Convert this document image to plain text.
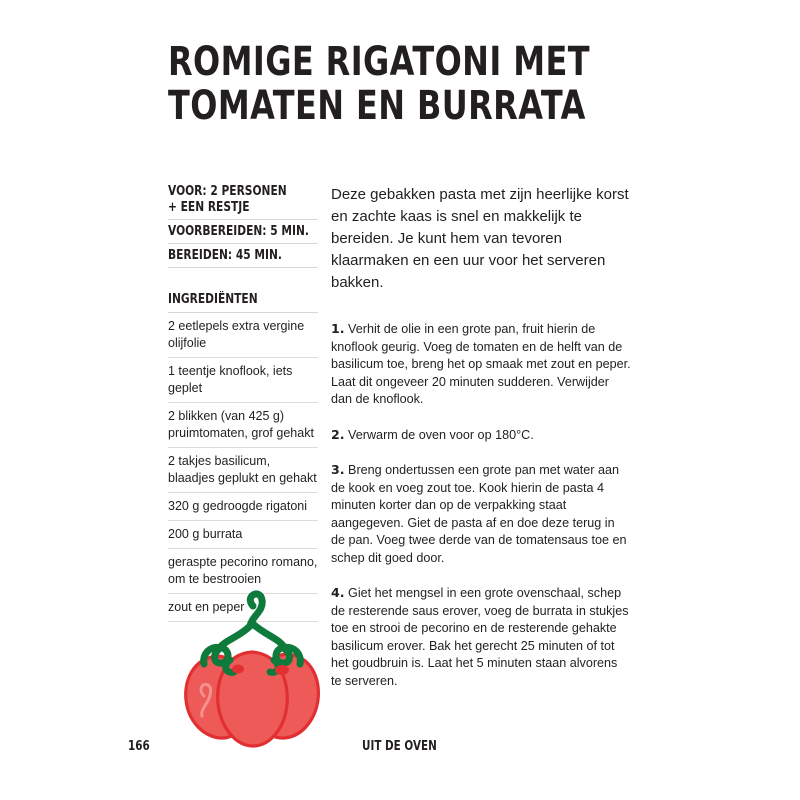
ROMIGE RIGATONI MET
TOMATEN EN BURRATA
VOOR: 2 PERSONEN
+ EEN RESTJE
VOORBEREIDEN: 5 MIN.
BEREIDEN: 45 MIN.
INGREDIËNTEN
2 eetlepels extra vergine olijfolie
1 teentje knoflook, iets geplet
2 blikken (van 425 g) pruimtomaten, grof gehakt
2 takjes basilicum, blaadjes geplukt en gehakt
320 g gedroogde rigatoni
200 g burrata
geraspte pecorino romano, om te bestrooien
zout en peper

Deze gebakken pasta met zijn heerlijke korst en zachte kaas is snel en makkelijk te bereiden. Je kunt hem van tevoren klaarmaken en een uur voor het serveren bakken.

1. Verhit de olie in een grote pan, fruit hierin de knoflook geurig. Voeg de tomaten en de helft van de basilicum toe, breng het op smaak met zout en peper. Laat dit ongeveer 20 minuten sudderen. Verwijder dan de knoflook.

2. Verwarm de oven voor op 180°C.

3. Breng ondertussen een grote pan met water aan de kook en voeg zout toe. Kook hierin de pasta 4 minuten korter dan op de verpakking staat aangegeven. Giet de pasta af en doe deze terug in de pan. Voeg twee derde van de tomatensaus toe en schep dit goed door.

4. Giet het mengsel in een grote ovenschaal, schep de resterende saus erover, voeg de burrata in stukjes toe en strooi de pecorino en de resterende gehakte basilicum erover. Bak het gerecht 25 minuten of tot het goudbruin is. Laat het 5 minuten staan alvorens te serveren.

166	UIT DE OVEN
